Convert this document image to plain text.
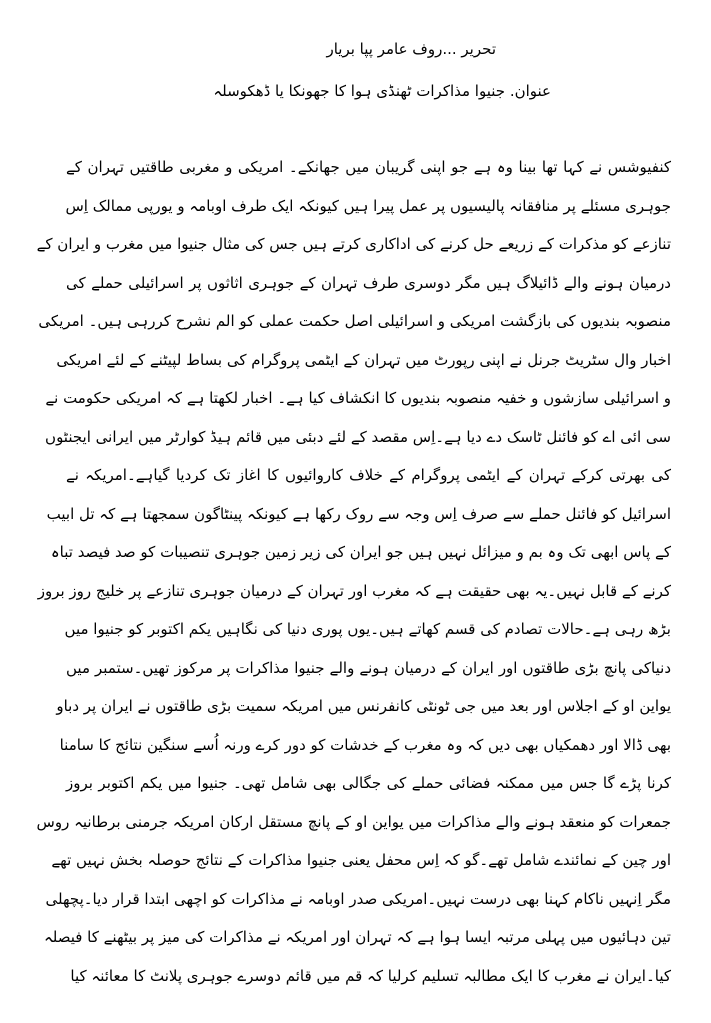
تحریر ...روف عامر پپا بریار
عنوان. جنیوا مذاکرات ٹھنڈی ہوا کا جھونکا یا ڈھکوسلہ
کنفیوشس نے کہا تھا بینا وہ ہے جو اپنی گریبان میں جھانکے۔ امریکی و مغربی طاقتیں تہران کے
جوہری مسئلے پر منافقانہ پالیسیوں پر عمل پیرا ہیں کیونکہ ایک طرف اوبامہ و یورپی ممالک اِس
تنازعے کو مذکرات کے زریعے حل کرنے کی اداکاری کرتے ہیں جس کی مثال جنیوا میں مغرب و ایران کے
درمیان ہونے والے ڈائیلاگ ہیں مگر دوسری طرف تہران کے جوہری اثاثوں پر اسرائیلی حملے کی
منصوبہ بندیوں کی بازگشت امریکی و اسرائیلی اصل حکمت عملی کو الم نشرح کررہی ہیں۔ امریکی
اخبار وال سٹریٹ جرنل نے اپنی رپورٹ میں تہران کے ایٹمی پروگرام کی بساط لپیٹنے کے لئے امریکی
و اسرائیلی سازشوں و خفیہ منصوبہ بندیوں کا انکشاف کیا ہے۔ اخبار لکھتا ہے کہ امریکی حکومت نے
سی ائی اے کو فائنل ٹاسک دے دیا ہے۔اِس مقصد کے لئے دبئی میں قائم ہیڈ کوارٹر میں ایرانی ایجنٹوں
کی بھرتی کرکے تہران کے ایٹمی پروگرام کے خلاف کاروائیوں کا اغاز تک کردیا گیاہے۔امریکہ نے
اسرائیل کو فائنل حملے سے صرف اِس وجہ سے روک رکھا ہے کیونکہ پینٹاگون سمجھتا ہے کہ تل ابیب
کے پاس ابھی تک وہ بم و میزائل نہیں ہیں جو ایران کی زیر زمین جوہری تنصیبات کو صد فیصد تباہ
کرنے کے قابل نہیں۔یہ بھی حقیقت ہے کہ مغرب اور تہران کے درمیان جوہری تنازعے پر خلیج روز بروز
بڑھ رہی ہے۔حالات تصادم کی قسم کھاتے ہیں۔یوں پوری دنیا کی نگاہیں یکم اکتوبر کو جنیوا میں
دنیاکی پانچ بڑی طاقتوں اور ایران کے درمیان ہونے والے جنیوا مذاکرات پر مرکوز تھیں۔ستمبر میں
یواین او کے اجلاس اور بعد میں جی ٹونٹی کانفرنس میں امریکہ سمیت بڑی طاقتوں نے ایران پر دباو
بھی ڈالا اور دھمکیاں بھی دیں کہ وہ مغرب کے خدشات کو دور کرے ورنہ اُسے سنگین نتائج کا سامنا
کرنا پڑے گا جس میں ممکنہ فضائی حملے کی جگالی بھی شامل تھی۔ جنیوا میں یکم اکتوبر بروز
جمعرات کو منعقد ہونے والے مذاکرات میں یواین او کے پانچ مستقل ارکان امریکہ جرمنی برطانیہ روس
اور چین کے نمائندے شامل تھے۔گو کہ اِس محفل یعنی جنیوا مذاکرات کے نتائج حوصلہ بخش نہیں تھے
مگر اِنہیں ناکام کہنا بھی درست نہیں۔امریکی صدر اوبامہ نے مذاکرات کو اچھی ابتدا قرار دیا۔پچھلی
تین دہائیوں میں پہلی مرتبہ ایسا ہوا ہے کہ تہران اور امریکہ نے مذاکرات کی میز پر بیٹھنے کا فیصلہ
کیا۔ایران نے مغرب کا ایک مطالبہ تسلیم کرلیا کہ قم میں قائم دوسرے جوہری پلانٹ کا معائنہ کیا
